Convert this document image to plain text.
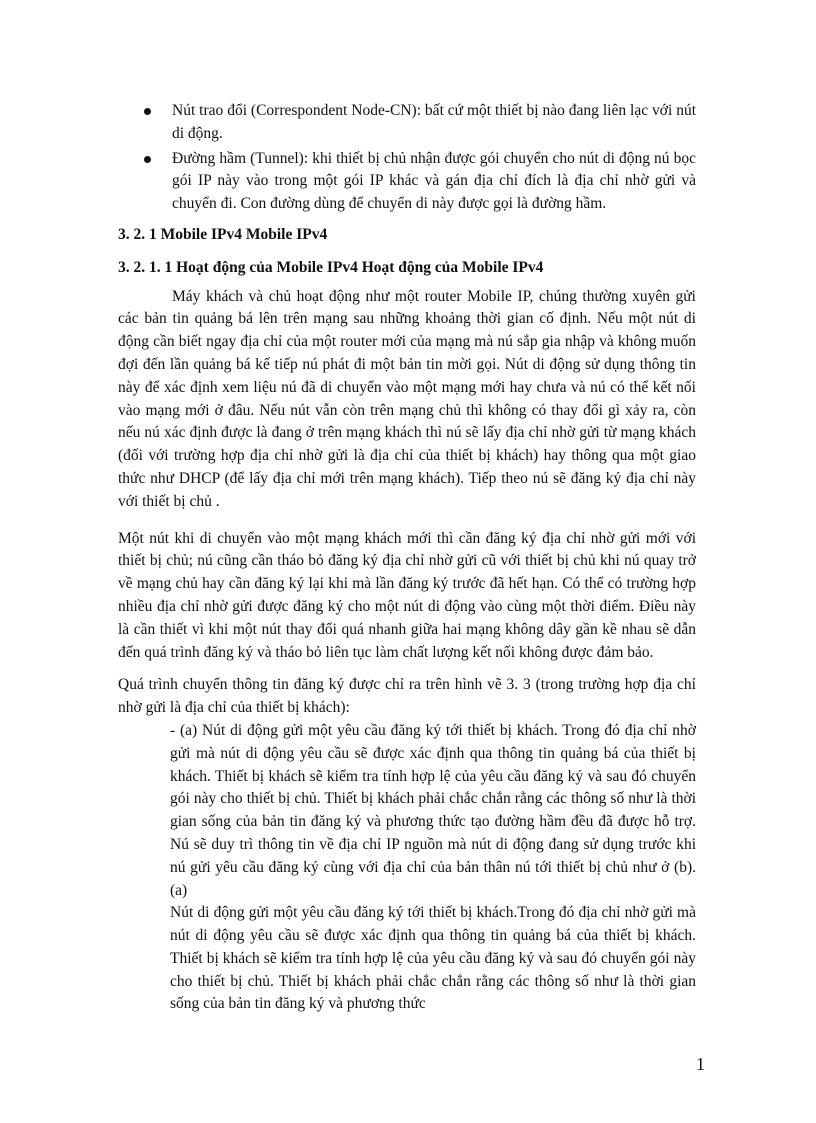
Nút trao đổi (Correspondent Node-CN): bất cứ một thiết bị nào đang liên lạc với nút di động.
Đường hầm (Tunnel): khi thiết bị chủ nhận được gói chuyển cho nút di động nú bọc gói IP này vào trong một gói IP khác và gán địa chỉ đích là địa chỉ nhờ gửi và chuyển đi. Con đường dùng để chuyển di này được gọi là đường hầm.
3. 2. 1 Mobile IPv4 Mobile IPv4
3. 2. 1. 1 Hoạt động của Mobile IPv4 Hoạt động của Mobile IPv4

Máy khách và chủ hoạt động như một router Mobile IP, chúng thường xuyên gửi các bản tin quảng bá lên trên mạng sau những khoảng thời gian cố định. Nếu một nút di động cần biết ngay địa chỉ của một router mới của mạng mà nú sắp gia nhập và không muốn đợi đến lần quảng bá kế tiếp nú phát đi một bản tin mời gọi. Nút di động sử dụng thông tin này để xác định xem liệu nú đã di chuyển vào một mạng mới hay chưa và nú có thể kết nối vào mạng mới ở đâu. Nếu nút vẫn còn trên mạng chủ thì không có thay đổi gì xảy ra, còn nếu nú xác định được là đang ở trên mạng khách thì nú sẽ lấy địa chỉ nhờ gửi từ mạng khách (đối với trường hợp địa chỉ nhờ gửi là địa chỉ của thiết bị khách) hay thông qua một giao thức như DHCP (để lấy địa chỉ mới trên mạng khách). Tiếp theo nú sẽ đăng ký địa chỉ này với thiết bị chủ .

Một nút khi di chuyển vào một mạng khách mới thì cần đăng ký địa chỉ nhờ gửi mới với thiết bị chủ; nú cũng cần tháo bỏ đăng ký địa chỉ nhờ gửi cũ với thiết bị chủ khi nú quay trở về mạng chủ hay cần đăng ký lại khi mà lần đăng ký trước đã hết hạn. Có thể có trường hợp nhiều địa chỉ nhờ gửi được đăng ký cho một nút di động vào cùng một thời điểm. Điều này là cần thiết vì khi một nút thay đổi quá nhanh giữa hai mạng không dây gần kề nhau sẽ dẫn đến quá trình đăng ký và tháo bỏ liên tục làm chất lượng kết nối không được đảm bảo.

Quá trình chuyển thông tin đăng ký được chỉ ra trên hình vẽ 3. 3 (trong trường hợp địa chỉ nhờ gửi là địa chỉ của thiết bị khách):

- (a) Nút di động gửi một yêu cầu đăng ký tới thiết bị khách. Trong đó địa chỉ nhờ gửi mà nút di động yêu cầu sẽ được xác định qua thông tin quảng bá của thiết bị khách. Thiết bị khách sẽ kiểm tra tính hợp lệ của yêu cầu đăng ký và sau đó chuyển gói này cho thiết bị chủ. Thiết bị khách phải chắc chắn rằng các thông số như là thời gian sống của bản tin đăng ký và phương thức tạo đường hầm đều đã được hỗ trợ. Nú sẽ duy trì thông tin về địa chỉ IP nguồn mà nút di động đang sử dụng trước khi nú gửi yêu cầu đăng ký cùng với địa chỉ của bản thân nú tới thiết bị chủ như ở (b). (a)

Nút di động gửi một yêu cầu đăng ký tới thiết bị khách.Trong đó địa chỉ nhờ gửi mà nút di động yêu cầu sẽ được xác định qua thông tin quảng bá của thiết bị khách. Thiết bị khách sẽ kiểm tra tính hợp lệ của yêu cầu đăng ký và sau đó chuyển gói này cho thiết bị chủ. Thiết bị khách phải chắc chắn rằng các thông số như là thời gian sống của bản tin đăng ký và phương thức

1
